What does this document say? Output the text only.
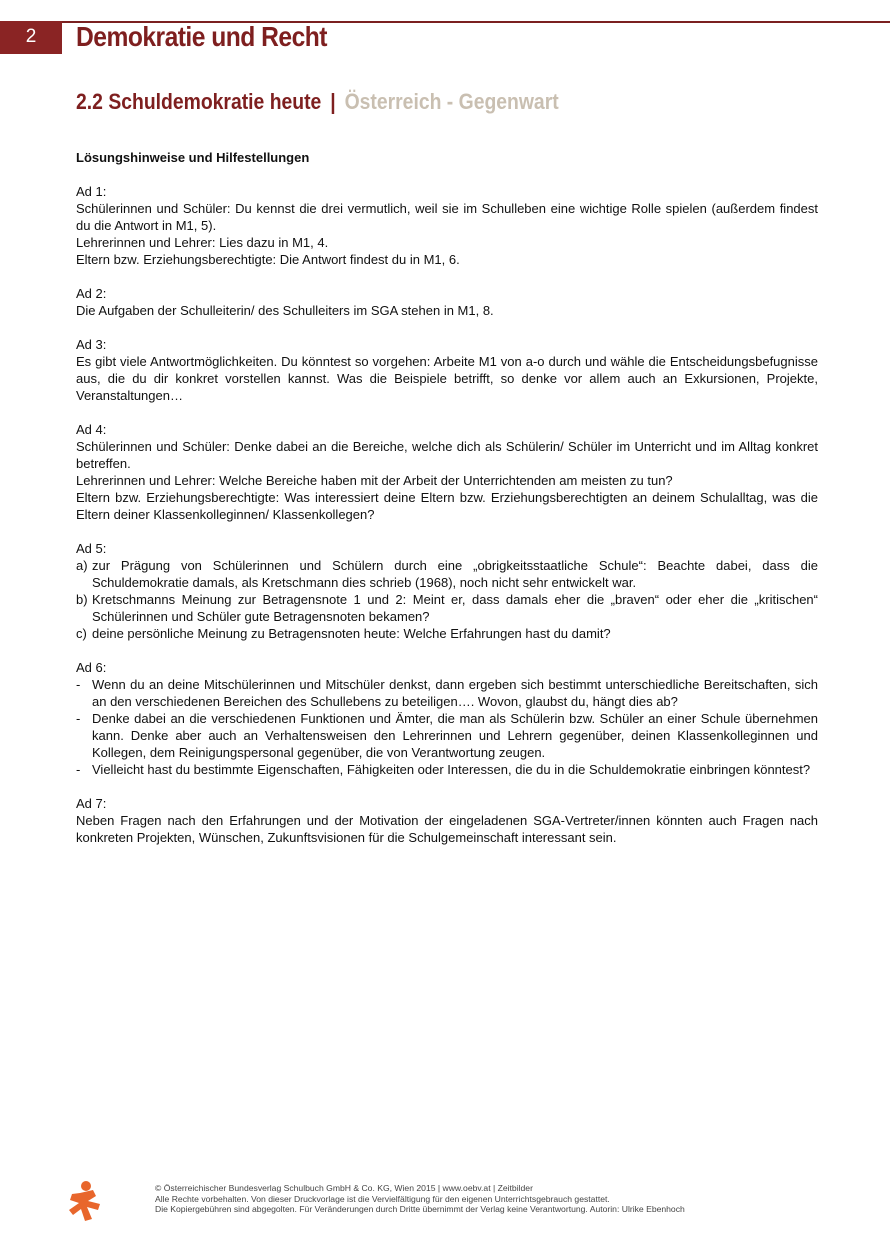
2	Demokratie und Recht
2.2 Schuldemokratie heute | Österreich - Gegenwart

Lösungshinweise und Hilfestellungen

Ad 1:

Schülerinnen und Schüler: Du kennst die drei vermutlich, weil sie im Schulleben eine wichtige Rolle spielen (außerdem findest du die Antwort in M1, 5).

Lehrerinnen und Lehrer: Lies dazu in M1, 4.

Eltern bzw. Erziehungsberechtigte: Die Antwort findest du in M1, 6.

Ad 2:

Die Aufgaben der Schulleiterin/ des Schulleiters im SGA stehen in M1, 8.

Ad 3:

Es gibt viele Antwortmöglichkeiten. Du könntest so vorgehen: Arbeite M1 von a-o durch und wähle die Entscheidungsbefugnisse aus, die du dir konkret vorstellen kannst. Was die Beispiele betrifft, so denke vor allem auch an Exkursionen, Projekte, Veranstaltungen…

Ad 4:

Schülerinnen und Schüler: Denke dabei an die Bereiche, welche dich als Schülerin/ Schüler im Unterricht und im Alltag konkret betreffen.

Lehrerinnen und Lehrer: Welche Bereiche haben mit der Arbeit der Unterrichtenden am meisten zu tun?

Eltern bzw. Erziehungsberechtigte: Was interessiert deine Eltern bzw. Erziehungsberechtigten an deinem Schulalltag, was die Eltern deiner Klassenkolleginnen/ Klassenkollegen?

Ad 5:

a) zur Prägung von Schülerinnen und Schülern durch eine „obrigkeitsstaatliche Schule“: Beachte dabei, dass die Schuldemokratie damals, als Kretschmann dies schrieb (1968), noch nicht sehr entwickelt war.
b) Kretschmanns Meinung zur Betragensnote 1 und 2: Meint er, dass damals eher die „braven“ oder eher die „kritischen“ Schülerinnen und Schüler gute Betragensnoten bekamen?
c) deine persönliche Meinung zu Betragensnoten heute: Welche Erfahrungen hast du damit?

Ad 6:

- Wenn du an deine Mitschülerinnen und Mitschüler denkst, dann ergeben sich bestimmt unterschiedliche Bereitschaften, sich an den verschiedenen Bereichen des Schullebens zu beteiligen…. Wovon, glaubst du, hängt dies ab?
- Denke dabei an die verschiedenen Funktionen und Ämter, die man als Schülerin bzw. Schüler an einer Schule übernehmen kann. Denke aber auch an Verhaltensweisen den Lehrerinnen und Lehrern gegenüber, deinen Klassenkolleginnen und Kollegen, dem Reinigungspersonal gegenüber, die von Verantwortung zeugen.
- Vielleicht hast du bestimmte Eigenschaften, Fähigkeiten oder Interessen, die du in die Schuldemokratie einbringen könntest?

Ad 7:

Neben Fragen nach den Erfahrungen und der Motivation der eingeladenen SGA-Vertreter/innen könnten auch Fragen nach konkreten Projekten, Wünschen, Zukunftsvisionen für die Schulgemeinschaft interessant sein.

© Österreichischer Bundesverlag Schulbuch GmbH & Co. KG, Wien 2015 | www.oebv.at | Zeitbilder
Alle Rechte vorbehalten. Von dieser Druckvorlage ist die Vervielfältigung für den eigenen Unterrichtsgebrauch gestattet.
Die Kopiergebühren sind abgegolten. Für Veränderungen durch Dritte übernimmt der Verlag keine Verantwortung. Autorin: Ulrike Ebenhoch
